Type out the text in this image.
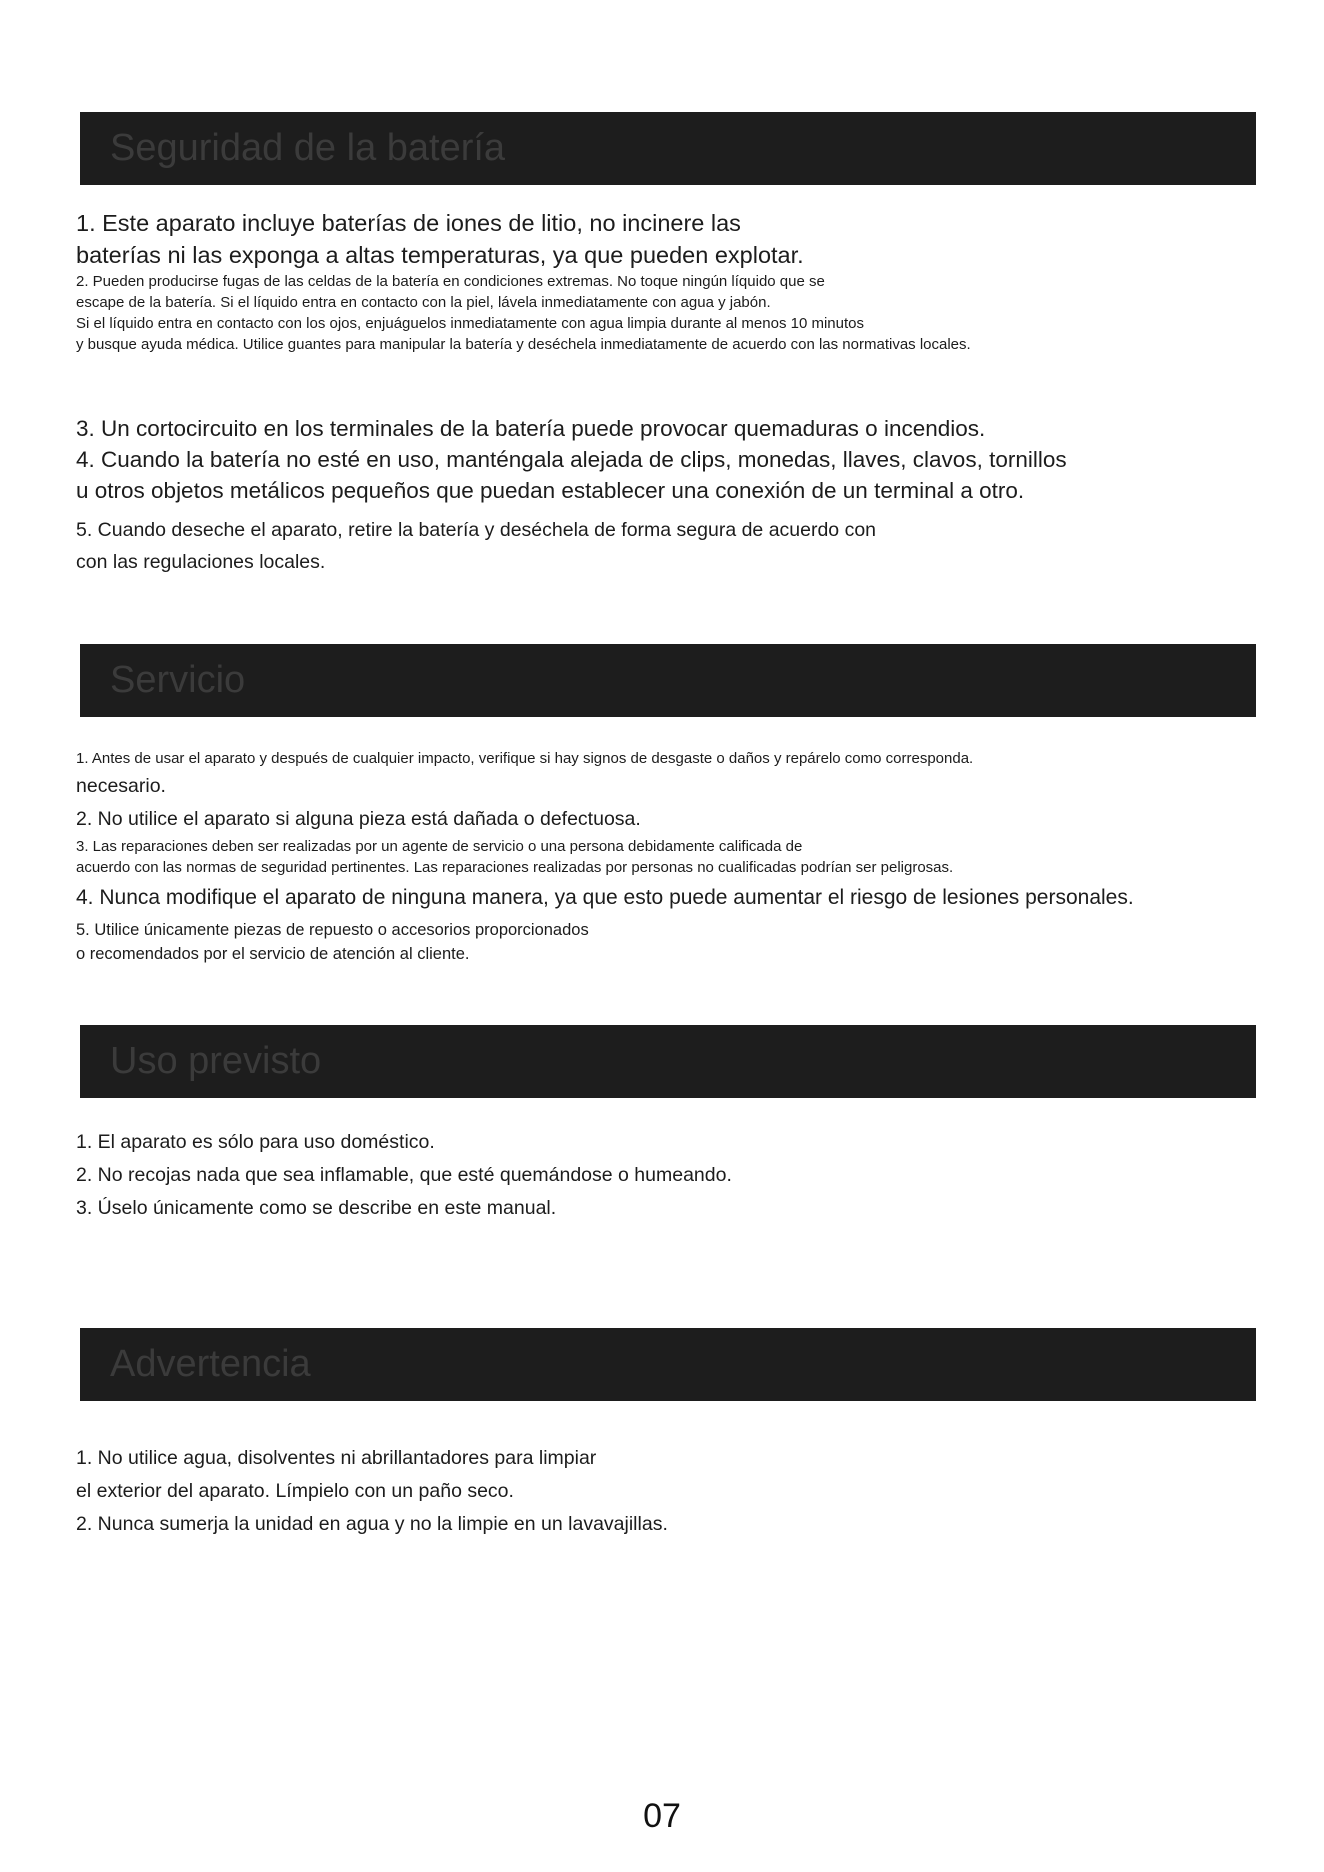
Seguridad de la batería
1. Este aparato incluye baterías de iones de litio, no incinere las
baterías ni las exponga a altas temperaturas, ya que pueden explotar.
2. Pueden producirse fugas de las celdas de la batería en condiciones extremas. No toque ningún líquido que se
escape de la batería. Si el líquido entra en contacto con la piel, lávela inmediatamente con agua y jabón.
Si el líquido entra en contacto con los ojos, enjuáguelos inmediatamente con agua limpia durante al menos 10 minutos
y busque ayuda médica. Utilice guantes para manipular la batería y deséchela inmediatamente de acuerdo con las normativas locales.
3. Un cortocircuito en los terminales de la batería puede provocar quemaduras o incendios.
4. Cuando la batería no esté en uso, manténgala alejada de clips, monedas, llaves, clavos, tornillos
u otros objetos metálicos pequeños que puedan establecer una conexión de un terminal a otro.
5. Cuando deseche el aparato, retire la batería y deséchela de forma segura de acuerdo con
con las regulaciones locales.
Servicio
1. Antes de usar el aparato y después de cualquier impacto, verifique si hay signos de desgaste o daños y repárelo como corresponda.
necesario.
2. No utilice el aparato si alguna pieza está dañada o defectuosa.
3. Las reparaciones deben ser realizadas por un agente de servicio o una persona debidamente calificada de
acuerdo con las normas de seguridad pertinentes. Las reparaciones realizadas por personas no cualificadas podrían ser peligrosas.
4. Nunca modifique el aparato de ninguna manera, ya que esto puede aumentar el riesgo de lesiones personales.
5. Utilice únicamente piezas de repuesto o accesorios proporcionados
o recomendados por el servicio de atención al cliente.
Uso previsto
1. El aparato es sólo para uso doméstico.
2. No recojas nada que sea inflamable, que esté quemándose o humeando.
3. Úselo únicamente como se describe en este manual.
Advertencia
1. No utilice agua, disolventes ni abrillantadores para limpiar
el exterior del aparato. Límpielo con un paño seco.
2. Nunca sumerja la unidad en agua y no la limpie en un lavavajillas.
07
